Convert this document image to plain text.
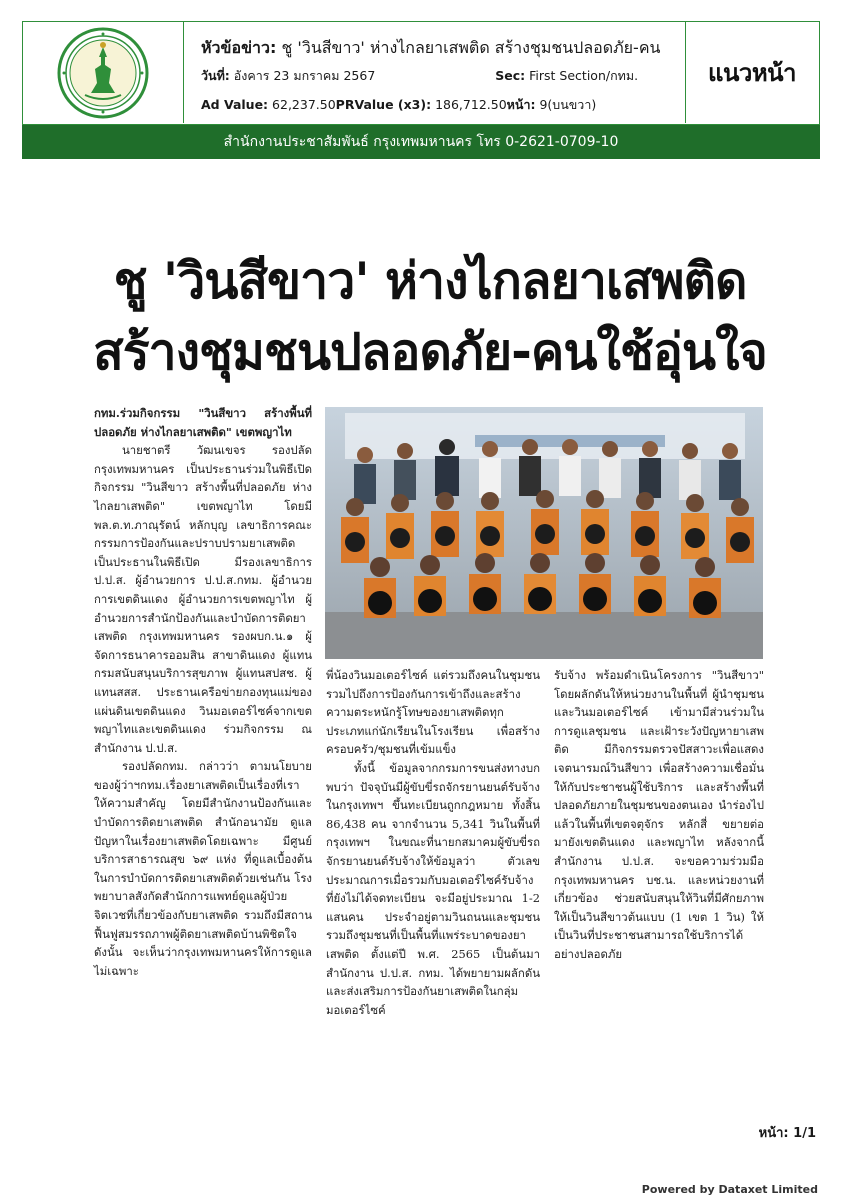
หัวข้อข่าว: ชู 'วินสีขาว' ห่างไกลยาเสพติด สร้างชุมชนปลอดภัย-คน
วันที่: อังคาร 23 มกราคม 2567	Sec: First Section/กทม.
Ad Value: 62,237.50PRValue (x3): 186,712.50หน้า: 9(บนขวา)
แนวหน้า
สำนักงานประชาสัมพันธ์ กรุงเทพมหานคร โทร 0-2621-0709-10
ชู 'วินสีขาว' ห่างไกลยาเสพติด
สร้างชุมชนปลอดภัย-คนใช้อุ่นใจ

กทม.ร่วมกิจกรรม "วินสีขาว สร้างพื้นที่ปลอดภัย ห่างไกลยาเสพติด" เขตพญาไท

นายชาตรี วัฒนเขจร รองปลัดกรุงเทพมหานคร เป็นประธานร่วมในพิธีเปิดกิจกรรม "วินสีขาว สร้างพื้นที่ปลอดภัย ห่างไกลยาเสพติด" เขตพญาไท โดยมี พล.ต.ท.ภาณุรัตน์ หลักบุญ เลขาธิการคณะกรรมการป้องกันและปราบปรามยาเสพติด เป็นประธานในพิธีเปิด มีรองเลขาธิการ ป.ป.ส. ผู้อำนวยการ ป.ป.ส.กทม. ผู้อำนวยการเขตดินแดง ผู้อำนวยการเขตพญาไท ผู้อำนวยการสำนักป้องกันและบำบัดการติดยาเสพติด กรุงเทพมหานคร รองผบก.น.๑ ผู้จัดการธนาคารออมสิน สาขาดินแดง ผู้แทนกรมสนับสนุนบริการสุขภาพ ผู้แทนสปสช. ผู้แทนสสส. ประธานเครือข่ายกองทุนแม่ของแผ่นดินเขตดินแดง วินมอเตอร์ไซค์จากเขตพญาไทและเขตดินแดง ร่วมกิจกรรม ณ สำนักงาน ป.ป.ส.

รองปลัดกทม. กล่าวว่า ตามนโยบายของผู้ว่าฯกทม.เรื่องยาเสพติดเป็นเรื่องที่เราให้ความสำคัญ โดยมีสำนักงานป้องกันและบำบัดการติดยาเสพติด สำนักอนามัย ดูแลปัญหาในเรื่องยาเสพติดโดยเฉพาะ มีศูนย์บริการสาธารณสุข ๖๙ แห่ง ที่ดูแลเบื้องต้นในการบำบัดการติดยาเสพติดด้วยเช่นกัน โรงพยาบาลสังกัดสำนักการแพทย์ดูแลผู้ป่วยจิตเวชที่เกี่ยวข้องกับยาเสพติด รวมถึงมีสถานฟื้นฟูสมรรถภาพผู้ติดยาเสพติดบ้านพิชิตใจ ดังนั้น จะเห็นว่ากรุงเทพมหานครให้การดูแลไม่เฉพาะ

พี่น้องวินมอเตอร์ไซค์ แต่รวมถึงคนในชุมชน รวมไปถึงการป้องกันการเข้าถึงและสร้างความตระหนักรู้โทษของยาเสพติดทุกประเภทแก่นักเรียนในโรงเรียน เพื่อสร้างครอบครัว/ชุมชนที่เข้มแข็ง

ทั้งนี้ ข้อมูลจากกรมการขนส่งทางบกพบว่า ปัจจุบันมีผู้ขับขี่รถจักรยานยนต์รับจ้างในกรุงเทพฯ ขึ้นทะเบียนถูกกฎหมาย ทั้งสิ้น 86,438 คน จากจำนวน 5,341 วินในพื้นที่กรุงเทพฯ ในขณะที่นายกสมาคมผู้ขับขี่รถจักรยานยนต์รับจ้างให้ข้อมูลว่า ตัวเลขประมาณการเมื่อรวมกับมอเตอร์ไซค์รับจ้างที่ยังไม่ได้จดทะเบียน จะมีอยู่ประมาณ 1-2 แสนคน ประจำอยู่ตามวินถนนและชุมชน รวมถึงชุมชนที่เป็นพื้นที่แพร่ระบาดของยาเสพติด ตั้งแต่ปี พ.ศ. 2565 เป็นต้นมา สำนักงาน ป.ป.ส. กทม. ได้พยายามผลักดันและส่งเสริมการป้องกันยาเสพติดในกลุ่มมอเตอร์ไซค์

รับจ้าง พร้อมดำเนินโครงการ "วินสีขาว" โดยผลักดันให้หน่วยงานในพื้นที่ ผู้นำชุมชน และวินมอเตอร์ไซค์ เข้ามามีส่วนร่วมในการดูแลชุมชน และเฝ้าระวังปัญหายาเสพติด มีกิจกรรมตรวจปัสสาวะเพื่อแสดงเจตนารมณ์วินสีขาว เพื่อสร้างความเชื่อมั่นให้กับประชาชนผู้ใช้บริการ และสร้างพื้นที่ปลอดภัยภายในชุมชนของตนเอง นำร่องไปแล้วในพื้นที่เขตจตุจักร หลักสี่ ขยายต่อมายังเขตดินแดง และพญาไท หลังจากนี้ สำนักงาน ป.ป.ส. จะขอความร่วมมือกรุงเทพมหานคร บช.น. และหน่วยงานที่เกี่ยวข้อง ช่วยสนับสนุนให้วินที่มีศักยภาพให้เป็นวินสีขาวต้นแบบ (1 เขต 1 วิน) ให้เป็นวินที่ประชาชนสามารถใช้บริการได้อย่างปลอดภัย

หน้า: 1/1
Powered by Dataxet Limited
